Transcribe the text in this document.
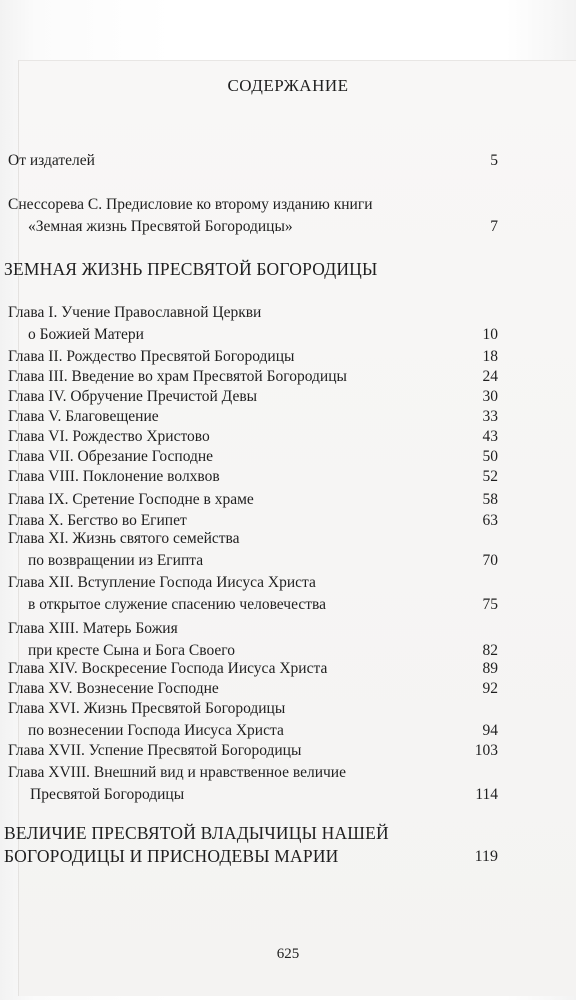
СОДЕРЖАНИЕ
От издателей	5
Снессорева С. Предисловие ко второму изданию книги
«Земная жизнь Пресвятой Богородицы»	7
ЗЕМНАЯ ЖИЗНЬ ПРЕСВЯТОЙ БОГОРОДИЦЫ
Глава I. Учение Православной Церкви
о Божией Матери	10
Глава II. Рождество Пресвятой Богородицы	18
Глава III. Введение во храм Пресвятой Богородицы	24
Глава IV. Обручение Пречистой Девы	30
Глава V. Благовещение	33
Глава VI. Рождество Христово	43
Глава VII. Обрезание Господне	50
Глава VIII. Поклонение волхвов	52
Глава IX. Сретение Господне в храме	58
Глава X. Бегство во Египет	63
Глава XI. Жизнь святого семейства
по возвращении из Египта	70
Глава XII. Вступление Господа Иисуса Христа
в открытое служение спасению человечества	75
Глава XIII. Матерь Божия
при кресте Сына и Бога Своего	82
Глава XIV. Воскресение Господа Иисуса Христа	89
Глава XV. Вознесение Господне	92
Глава XVI. Жизнь Пресвятой Богородицы
по вознесении Господа Иисуса Христа	94
Глава XVII. Успение Пресвятой Богородицы	103
Глава XVIII. Внешний вид и нравственное величие
Пресвятой Богородицы	114
ВЕЛИЧИЕ ПРЕСВЯТОЙ ВЛАДЫЧИЦЫ НАШЕЙ
БОГОРОДИЦЫ И ПРИСНОДЕВЫ МАРИИ	119
625
